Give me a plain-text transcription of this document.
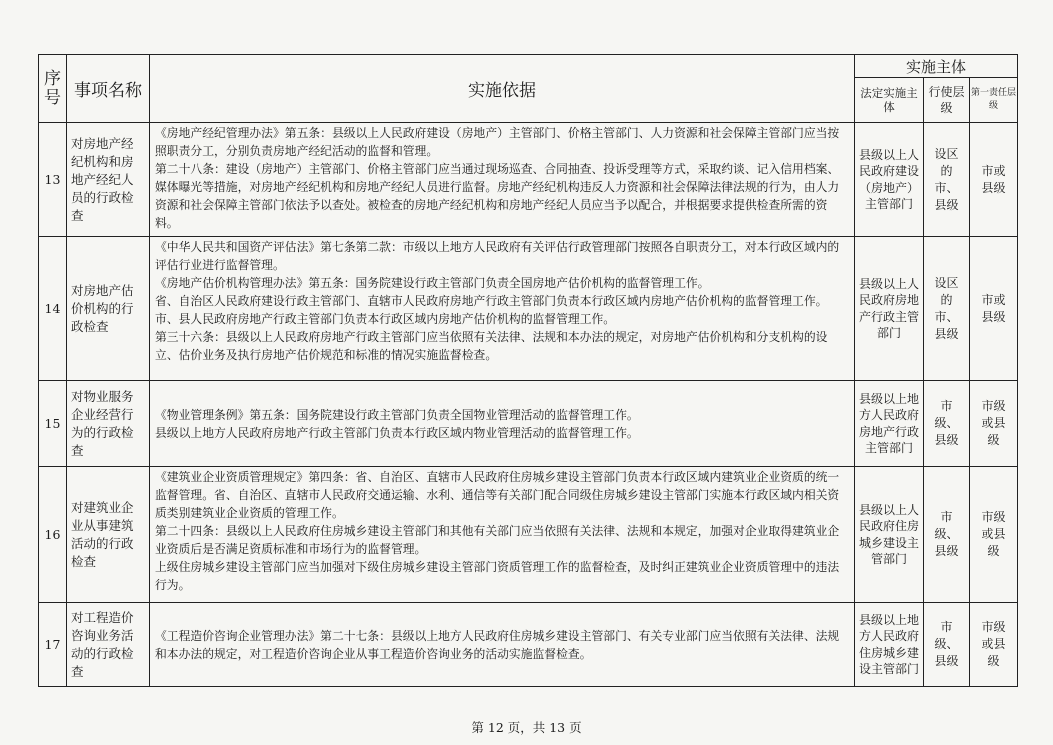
序号	事项名称	实施依据	实施主体		
			法定实施主体	行使层级	第一责任层级
13	对房地产经纪机构和房地产经纪人员的行政检查	《房地产经纪管理办法》第五条：县级以上人民政府建设（房地产）主管部门、价格主管部门、人力资源和社会保障主管部门应当按照职责分工，分别负责房地产经纪活动的监督和管理。
第二十八条：建设（房地产）主管部门、价格主管部门应当通过现场巡查、合同抽查、投诉受理等方式，采取约谈、记入信用档案、媒体曝光等措施，对房地产经纪机构和房地产经纪人员进行监督。房地产经纪机构违反人力资源和社会保障法律法规的行为，由人力资源和社会保障主管部门依法予以查处。被检查的房地产经纪机构和房地产经纪人员应当予以配合，并根据要求提供检查所需的资料。	县级以上人民政府建设（房地产）主管部门	设区的市、县级	市或县级
14	对房地产估价机构的行政检查	《中华人民共和国资产评估法》第七条第二款：市级以上地方人民政府有关评估行政管理部门按照各自职责分工，对本行政区域内的评估行业进行监督管理。
《房地产估价机构管理办法》第五条：国务院建设行政主管部门负责全国房地产估价机构的监督管理工作。
省、自治区人民政府建设行政主管部门、直辖市人民政府房地产行政主管部门负责本行政区域内房地产估价机构的监督管理工作。
市、县人民政府房地产行政主管部门负责本行政区域内房地产估价机构的监督管理工作。
第三十六条：县级以上人民政府房地产行政主管部门应当依照有关法律、法规和本办法的规定，对房地产估价机构和分支机构的设立、估价业务及执行房地产估价规范和标准的情况实施监督检查。	县级以上人民政府房地产行政主管部门	设区的市、县级	市或县级
15	对物业服务企业经营行为的行政检查	《物业管理条例》第五条：国务院建设行政主管部门负责全国物业管理活动的监督管理工作。
县级以上地方人民政府房地产行政主管部门负责本行政区域内物业管理活动的监督管理工作。	县级以上地方人民政府房地产行政主管部门	市级、县级	市级或县级
16	对建筑业企业从事建筑活动的行政检查	《建筑业企业资质管理规定》第四条：省、自治区、直辖市人民政府住房城乡建设主管部门负责本行政区域内建筑业企业资质的统一监督管理。省、自治区、直辖市人民政府交通运输、水利、通信等有关部门配合同级住房城乡建设主管部门实施本行政区域内相关资质类别建筑业企业资质的管理工作。
第二十四条：县级以上人民政府住房城乡建设主管部门和其他有关部门应当依照有关法律、法规和本规定，加强对企业取得建筑业企业资质后是否满足资质标准和市场行为的监督管理。
上级住房城乡建设主管部门应当加强对下级住房城乡建设主管部门资质管理工作的监督检查，及时纠正建筑业企业资质管理中的违法行为。	县级以上人民政府住房城乡建设主管部门	市级、县级	市级或县级
17	对工程造价咨询业务活动的行政检查	《工程造价咨询企业管理办法》第二十七条：县级以上地方人民政府住房城乡建设主管部门、有关专业部门应当依照有关法律、法规和本办法的规定，对工程造价咨询企业从事工程造价咨询业务的活动实施监督检查。	县级以上地方人民政府住房城乡建设主管部门	市级、县级	市级或县级
第 12 页，共 13 页
